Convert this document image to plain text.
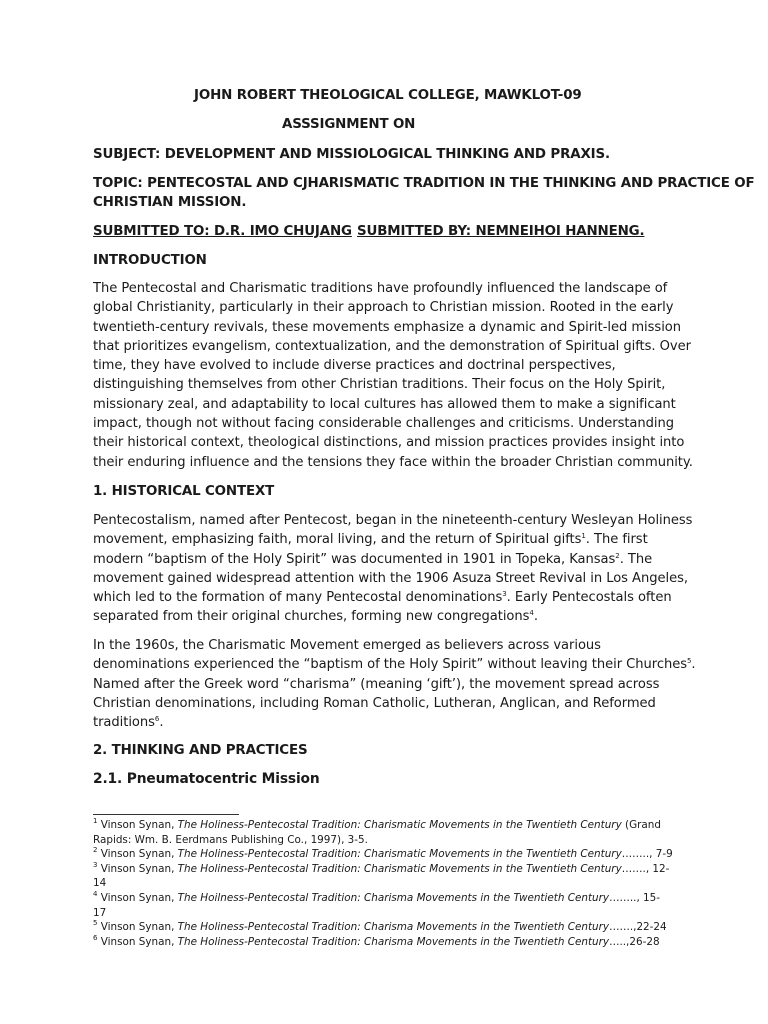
JOHN ROBERT THEOLOGICAL COLLEGE, MAWKLOT-09
ASSSIGNMENT ON
SUBJECT: DEVELOPMENT AND MISSIOLOGICAL THINKING AND PRAXIS.
TOPIC: PENTECOSTAL AND CJHARISMATIC TRADITION IN THE THINKING AND PRACTICE OF
CHRISTIAN MISSION.
SUBMITTED TO: D.R. IMO CHUJANG SUBMITTED BY: NEMNEIHOI HANNENG.
INTRODUCTION

The Pentecostal and Charismatic traditions have profoundly influenced the landscape of

global Christianity, particularly in their approach to Christian mission. Rooted in the early

twentieth-century revivals, these movements emphasize a dynamic and Spirit-led mission

that prioritizes evangelism, contextualization, and the demonstration of Spiritual gifts. Over

time, they have evolved to include diverse practices and doctrinal perspectives,

distinguishing themselves from other Christian traditions. Their focus on the Holy Spirit,

missionary zeal, and adaptability to local cultures has allowed them to make a significant

impact, though not without facing considerable challenges and criticisms. Understanding

their historical context, theological distinctions, and mission practices provides insight into

their enduring influence and the tensions they face within the broader Christian community.

1. HISTORICAL CONTEXT

Pentecostalism, named after Pentecost, began in the nineteenth-century Wesleyan Holiness

movement, emphasizing faith, moral living, and the return of Spiritual gifts$^1$. The first

modern “baptism of the Holy Spirit” was documented in 1901 in Topeka, Kansas$^2$. The

movement gained widespread attention with the 1906 Asuza Street Revival in Los Angeles,

which led to the formation of many Pentecostal denominations$^3$. Early Pentecostals often

separated from their original churches, forming new congregations$^4$.

In the 1960s, the Charismatic Movement emerged as believers across various

denominations experienced the “baptism of the Holy Spirit” without leaving their Churches$^5$.

Named after the Greek word “charisma” (meaning ‘gift’), the movement spread across

Christian denominations, including Roman Catholic, Lutheran, Anglican, and Reformed

traditions$^6$.

2. THINKING AND PRACTICES
2.1. Pneumatocentric Mission

$^1$ Vinson Synan, The Holiness-Pentecostal Tradition: Charismatic Movements in the Twentieth Century (Grand Rapids: Wm. B. Eerdmans Publishing Co., 1997), 3-5.

$^2$ Vinson Synan, The Holiness-Pentecostal Tradition: Charismatic Movements in the Twentieth Century…….., 7-9

$^3$ Vinson Synan, The Holiness-Pentecostal Tradition: Charismatic Movements in the Twentieth Century……., 12-14

$^4$ Vinson Synan, The Hoilness-Pentecostal Tradition: Charisma Movements in the Twentieth Century…….., 15-17

$^5$ Vinson Synan, The Holiness-Pentecostal Tradition: Charisma Movements in the Twentieth Century…….,22-24

$^6$ Vinson Synan, The Holiness-Pentecostal Tradition: Charisma Movements in the Twentieth Century…..,26-28
